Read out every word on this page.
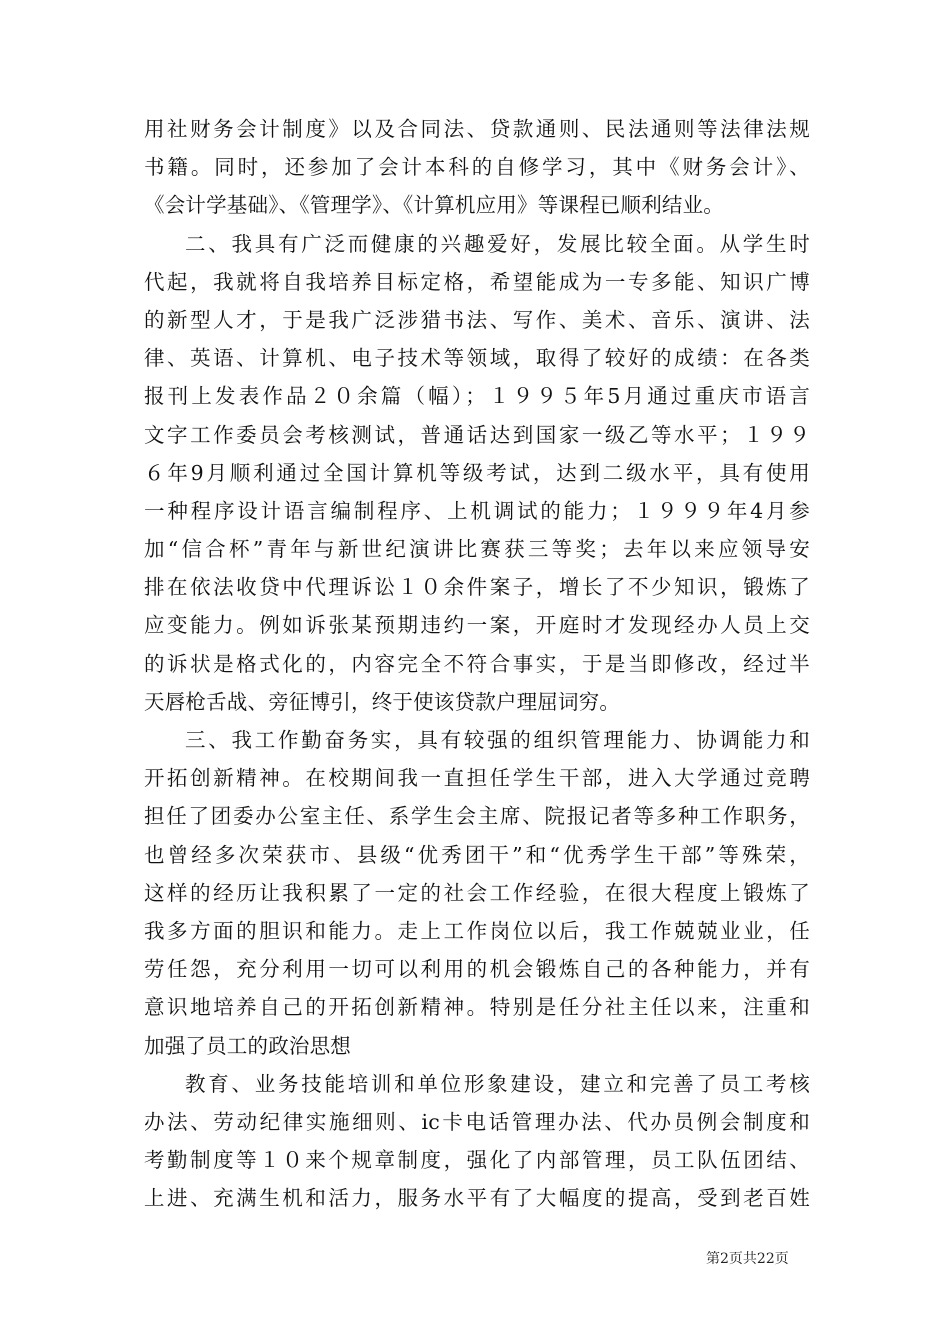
用社财务会计制度》以及合同法、贷款通则、民法通则等法律法规
书籍。同时，还参加了会计本科的自修学习，其中《财务会计》、
《会计学基础》、《管理学》、《计算机应用》等课程已顺利结业。
二、我具有广泛而健康的兴趣爱好，发展比较全面。从学生时
代起，我就将自我培养目标定格，希望能成为一专多能、知识广博
的新型人才，于是我广泛涉猎书法、写作、美术、音乐、演讲、法
律、英语、计算机、电子技术等领域，取得了较好的成绩：在各类
报刊上发表作品２０余篇（幅）；１９９５年5月通过重庆市语言
文字工作委员会考核测试，普通话达到国家一级乙等水平；１９９
６年9月顺利通过全国计算机等级考试，达到二级水平，具有使用
一种程序设计语言编制程序、上机调试的能力；１９９９年4月参
加“信合杯”青年与新世纪演讲比赛获三等奖；去年以来应领导安
排在依法收贷中代理诉讼１０余件案子，增长了不少知识，锻炼了
应变能力。例如诉张某预期违约一案，开庭时才发现经办人员上交
的诉状是格式化的，内容完全不符合事实，于是当即修改，经过半
天唇枪舌战、旁征博引，终于使该贷款户理屈词穷。
三、我工作勤奋务实，具有较强的组织管理能力、协调能力和
开拓创新精神。在校期间我一直担任学生干部，进入大学通过竞聘
担任了团委办公室主任、系学生会主席、院报记者等多种工作职务，
也曾经多次荣获市、县级“优秀团干”和“优秀学生干部”等殊荣，
这样的经历让我积累了一定的社会工作经验，在很大程度上锻炼了
我多方面的胆识和能力。走上工作岗位以后，我工作兢兢业业，任
劳任怨，充分利用一切可以利用的机会锻炼自己的各种能力，并有
意识地培养自己的开拓创新精神。特别是任分社主任以来，注重和
加强了员工的政治思想
教育、业务技能培训和单位形象建设，建立和完善了员工考核
办法、劳动纪律实施细则、ic卡电话管理办法、代办员例会制度和
考勤制度等１０来个规章制度，强化了内部管理，员工队伍团结、
上进、充满生机和活力，服务水平有了大幅度的提高，受到老百姓
第2页共22页
